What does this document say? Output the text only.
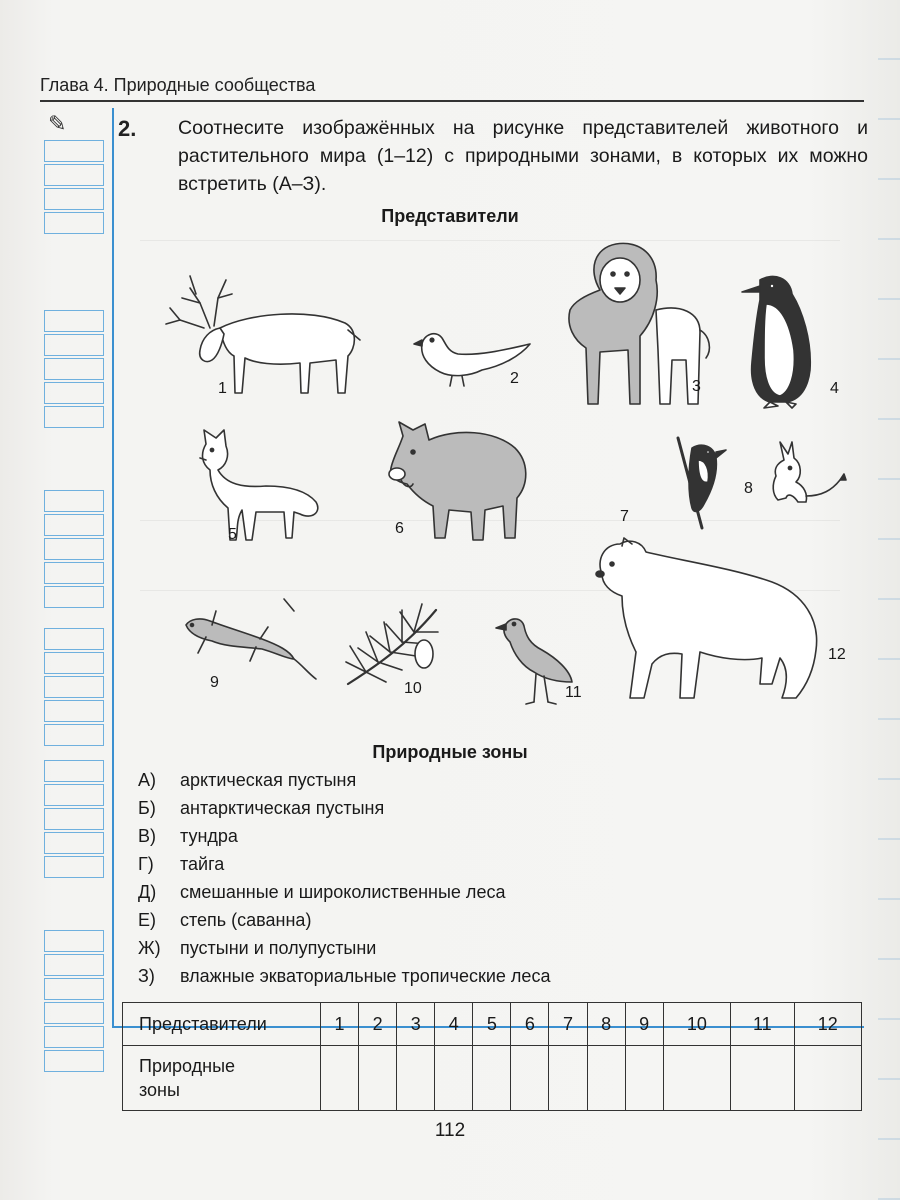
Глава 4. Природные сообщества
✎ 2. Соотнесите изображённых на рисунке представителей животного и растительного мира (1–12) с природными зонами, в которых их можно встретить (А–З).
Представители
1
2	3	4
5	6
7
8
9	10	11
12
Природные зоны
А)	арктическая пустыня
Б)	антарктическая пустыня
В)	тундра
Г)	тайга
Д)	смешанные и широколиственные леса
Е)	степь (саванна)
Ж)	пустыни и полупустыни
З)	влажные экваториальные тропические леса
Представители	1	2	3	4	5	6	7	8	9	10	11	12

Природные
зоны												

112
